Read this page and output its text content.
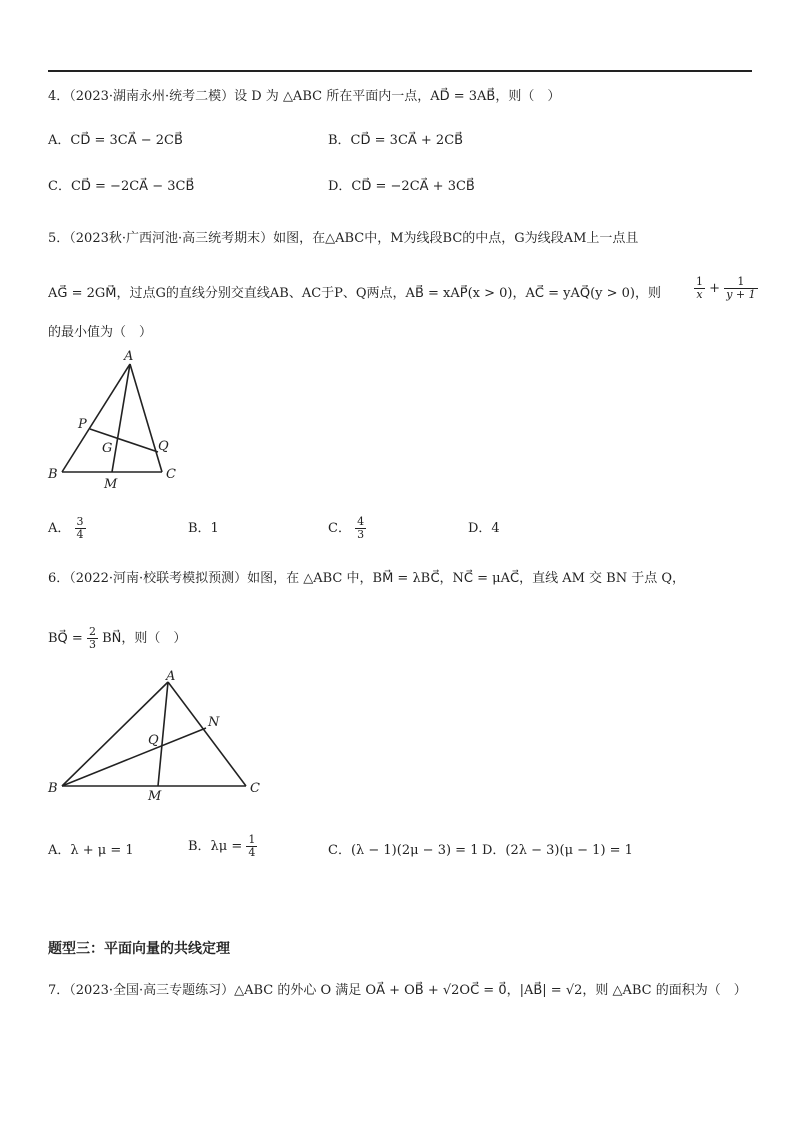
4．（2023·湖南永州·统考二模）设 D 为 △ABC 所在平面内一点，AD⃗ = 3AB⃗，则（　）
A．CD⃗ = 3CA⃗ − 2CB⃗	B．CD⃗ = 3CA⃗ + 2CB⃗
C．CD⃗ = −2CA⃗ − 3CB⃗	D．CD⃗ = −2CA⃗ + 3CB⃗
5．（2023秋·广西河池·高三统考期末）如图，在△ABC中，M为线段BC的中点，G为线段AM上一点且
AG⃗ = 2GM⃗，过点G的直线分别交直线AB、AC于P、Q两点，AB⃗ = xAP⃗(x > 0)，AC⃗ = yAQ⃗(y > 0)，则	$\frac{1}{x} + \frac{1}{y + 1}$
的最小值为（　）
A
B	C
P
Q
G
M
A． $\frac{3}{4}$	B．1	C． $\frac{4}{3}$	D．4
6．（2022·河南·校联考模拟预测）如图，在 △ABC 中，BM⃗ = λBC⃗，NC⃗ = μAC⃗，直线 AM 交 BN 于点 Q，
BQ⃗ = $\frac{2}{3}$ BN⃗，则（　）
A
B	C
N
Q
M
A．λ + μ = 1	B．$\lambda\mu = \frac{1}{4}$	C．(λ − 1)(2μ − 3) = 1 D．(2λ − 3)(μ − 1) = 1
题型三：平面向量的共线定理
7．（2023·全国·高三专题练习）△ABC 的外心 O 满足 OA⃗ + OB⃗ + √2OC⃗ = 0⃗，|AB⃗| = √2，则 △ABC 的面积为（　）
